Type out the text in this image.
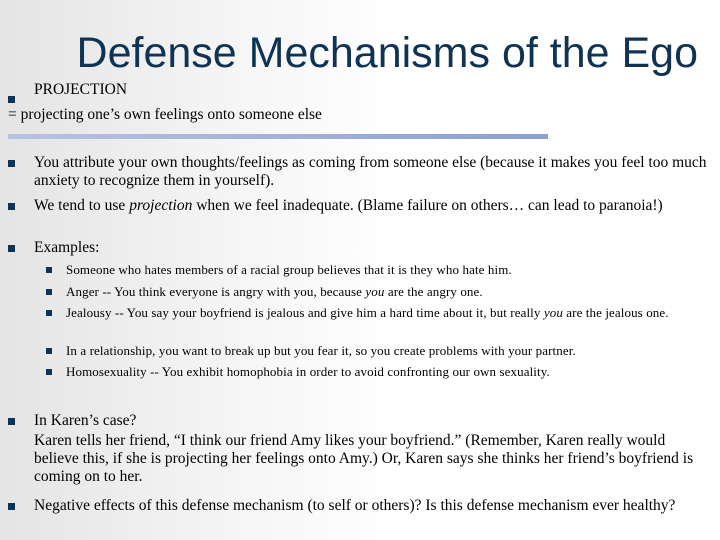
Defense Mechanisms of the Ego
PROJECTION
= projecting one’s own feelings onto someone else
You attribute your own thoughts/feelings as coming from someone else (because it makes you feel too much anxiety to recognize them in yourself).
We tend to use projection when we feel inadequate. (Blame failure on others… can lead to paranoia!)
Examples:
Someone who hates members of a racial group believes that it is they who hate him.
Anger -- You think everyone is angry with you, because you are the angry one.
Jealousy -- You say your boyfriend is jealous and give him a hard time about it, but really you are the jealous one.
In a relationship, you want to break up but you fear it, so you create problems with your partner.
Homosexuality -- You exhibit homophobia in order to avoid confronting our own sexuality.
In Karen’s case?
Karen tells her friend, “I think our friend Amy likes your boyfriend.” (Remember, Karen really would believe this, if she is projecting her feelings onto Amy.) Or, Karen says she thinks her friend’s boyfriend is coming on to her.
Negative effects of this defense mechanism (to self or others)? Is this defense mechanism ever healthy?
